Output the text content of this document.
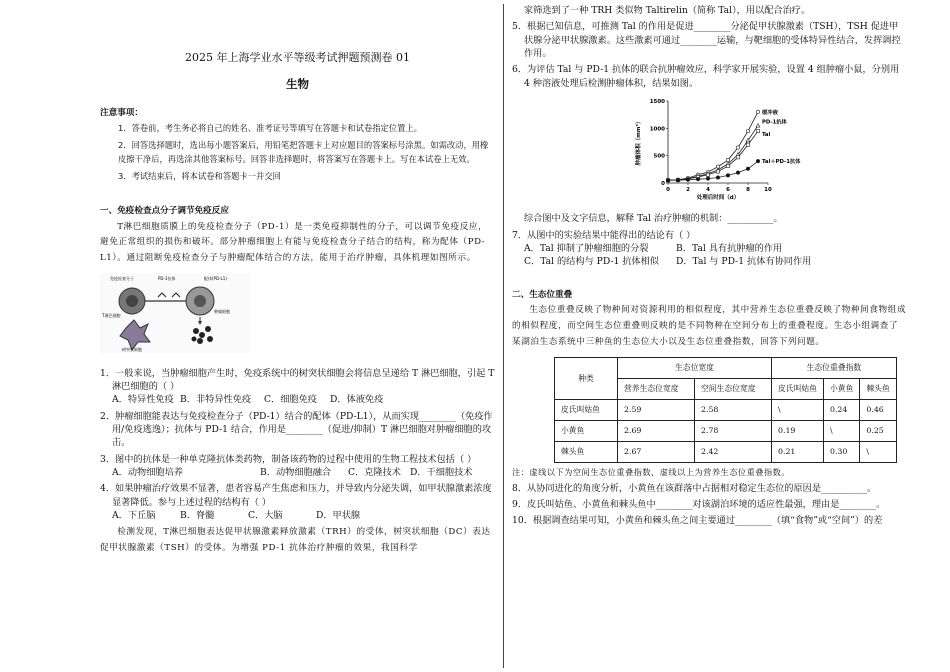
2025 年上海学业水平等级考试押题预测卷 01
生物
注意事项：
1．答卷前，考生务必将自己的姓名、准考证号等填写在答题卡和试卷指定位置上。
2．回答选择题时，选出每小题答案后，用铅笔把答题卡上对应题目的答案标号涂黑。如需改动，用橡皮擦干净后，再选涂其他答案标号。回答非选择题时，将答案写在答题卡上。写在本试卷上无效。
3．考试结束后，将本试卷和答题卡一并交回
一、免疫检查点分子调节免疫反应
T淋巴细胞质膜上的免疫检查分子（PD-1）是一类免疫抑制性的分子，可以调节免疫反应，避免正常组织的损伤和破坏。部分肿瘤细胞上有能与免疫检查分子结合的结构，称为配体（PD-L1）。通过阻断免疫检查分子与肿瘤配体结合的方法，能用于治疗肿瘤，具体机理如图所示。
免疫检查分子	PD-1抗体	配体(PD-L1)
T淋巴细胞
肿瘤细胞
树突状细胞
1．一般来说，当肿瘤细胞产生时，免疫系统中的树突状细胞会将信息呈递给 T 淋巴细胞，引起 T 淋巴细胞的（ ）
A．特异性免疫 B．非特异性免疫	C．细胞免疫	D．体液免疫
2．肿瘤细胞能表达与免疫检查分子（PD-1）结合的配体（PD-L1），从而实现________（免疫作用/免疫逃逸）；抗体与 PD-1 结合，作用是________（促进/抑制）T 淋巴细胞对肿瘤细胞的攻击。
3．图中的抗体是一种单克隆抗体类药物，制备该药物的过程中使用的生物工程技术包括（ ）
A．动物细胞培养	B．动物细胞融合	C．克隆技术 D．干细胞技术
4．如果肿瘤治疗效果不显著，患者容易产生焦虑和压力，并导致内分泌失调，如甲状腺激素浓度显著降低。参与上述过程的结构有（ ）
A．下丘脑	B．脊髓	C．大脑	D．甲状腺
检测发现，T淋巴细胞表达促甲状腺激素释放激素（TRH）的受体，树突状细胞（DC）表达促甲状腺激素（TSH）的受体。为增强 PD-1 抗体治疗肿瘤的效果，我国科学
家筛选到了一种 TRH 类似物 Taltirelin（简称 Tal），用以配合治疗。
5．根据已知信息，可推测 Tal 的作用是促进________分泌促甲状腺激素（TSH），TSH 促进甲状腺分泌甲状腺激素。这些激素可通过________运输，与靶细胞的受体特异性结合，发挥调控作用。
6．为评估 Tal 与 PD-1 抗体的联合抗肿瘤效应，科学家开展实验，设置 4 组肿瘤小鼠，分别用 4 种溶液处理后检测肿瘤体积，结果如图。
0	2	4	6	8	10
0
500
1000
1500
处理后时间（d）
肿瘤体积（mm³）
缓冲液
PD-1抗体
Tal
Tal＋PD-1抗体
综合图中及文字信息，解释 Tal 治疗肿瘤的机制：__________。
7．从图中的实验结果中能得出的结论有（ ）
A．Tal 抑制了肿瘤细胞的分裂	B．Tal 具有抗肿瘤的作用
C．Tal 的结构与 PD-1 抗体相似	D．Tal 与 PD-1 抗体有协同作用
二、生态位重叠
生态位重叠反映了物种间对资源利用的相似程度，其中营养生态位重叠反映了物种间食物组成的相似程度，而空间生态位重叠则反映的是不同物种在空间分布上的重叠程度。生态小组调查了某湖泊生态系统中三种鱼的生态位大小以及生态位重叠指数，回答下列问题。
种类	生态位宽度		生态位重叠指数		
	营养生态位宽度	空间生态位宽度	皮氏叫姑鱼	小黄鱼	棘头鱼
皮氏叫姑鱼	2.59	2.58	\	0.24	0.46
小黄鱼	2.69	2.78	0.19	\	0.25
棘头鱼	2.67	2.42	0.21	0.30	\
注：虚线以下为空间生态位重叠指数，虚线以上为营养生态位重叠指数。
8．从协同进化的角度分析，小黄鱼在该群落中占据相对稳定生态位的原因是__________。
9．皮氏叫姑鱼、小黄鱼和棘头鱼中________对该湖泊环境的适应性最强，理由是________。
10．根据调查结果可知，小黄鱼和棘头鱼之间主要通过________（填“食物”或“空间”）的差
